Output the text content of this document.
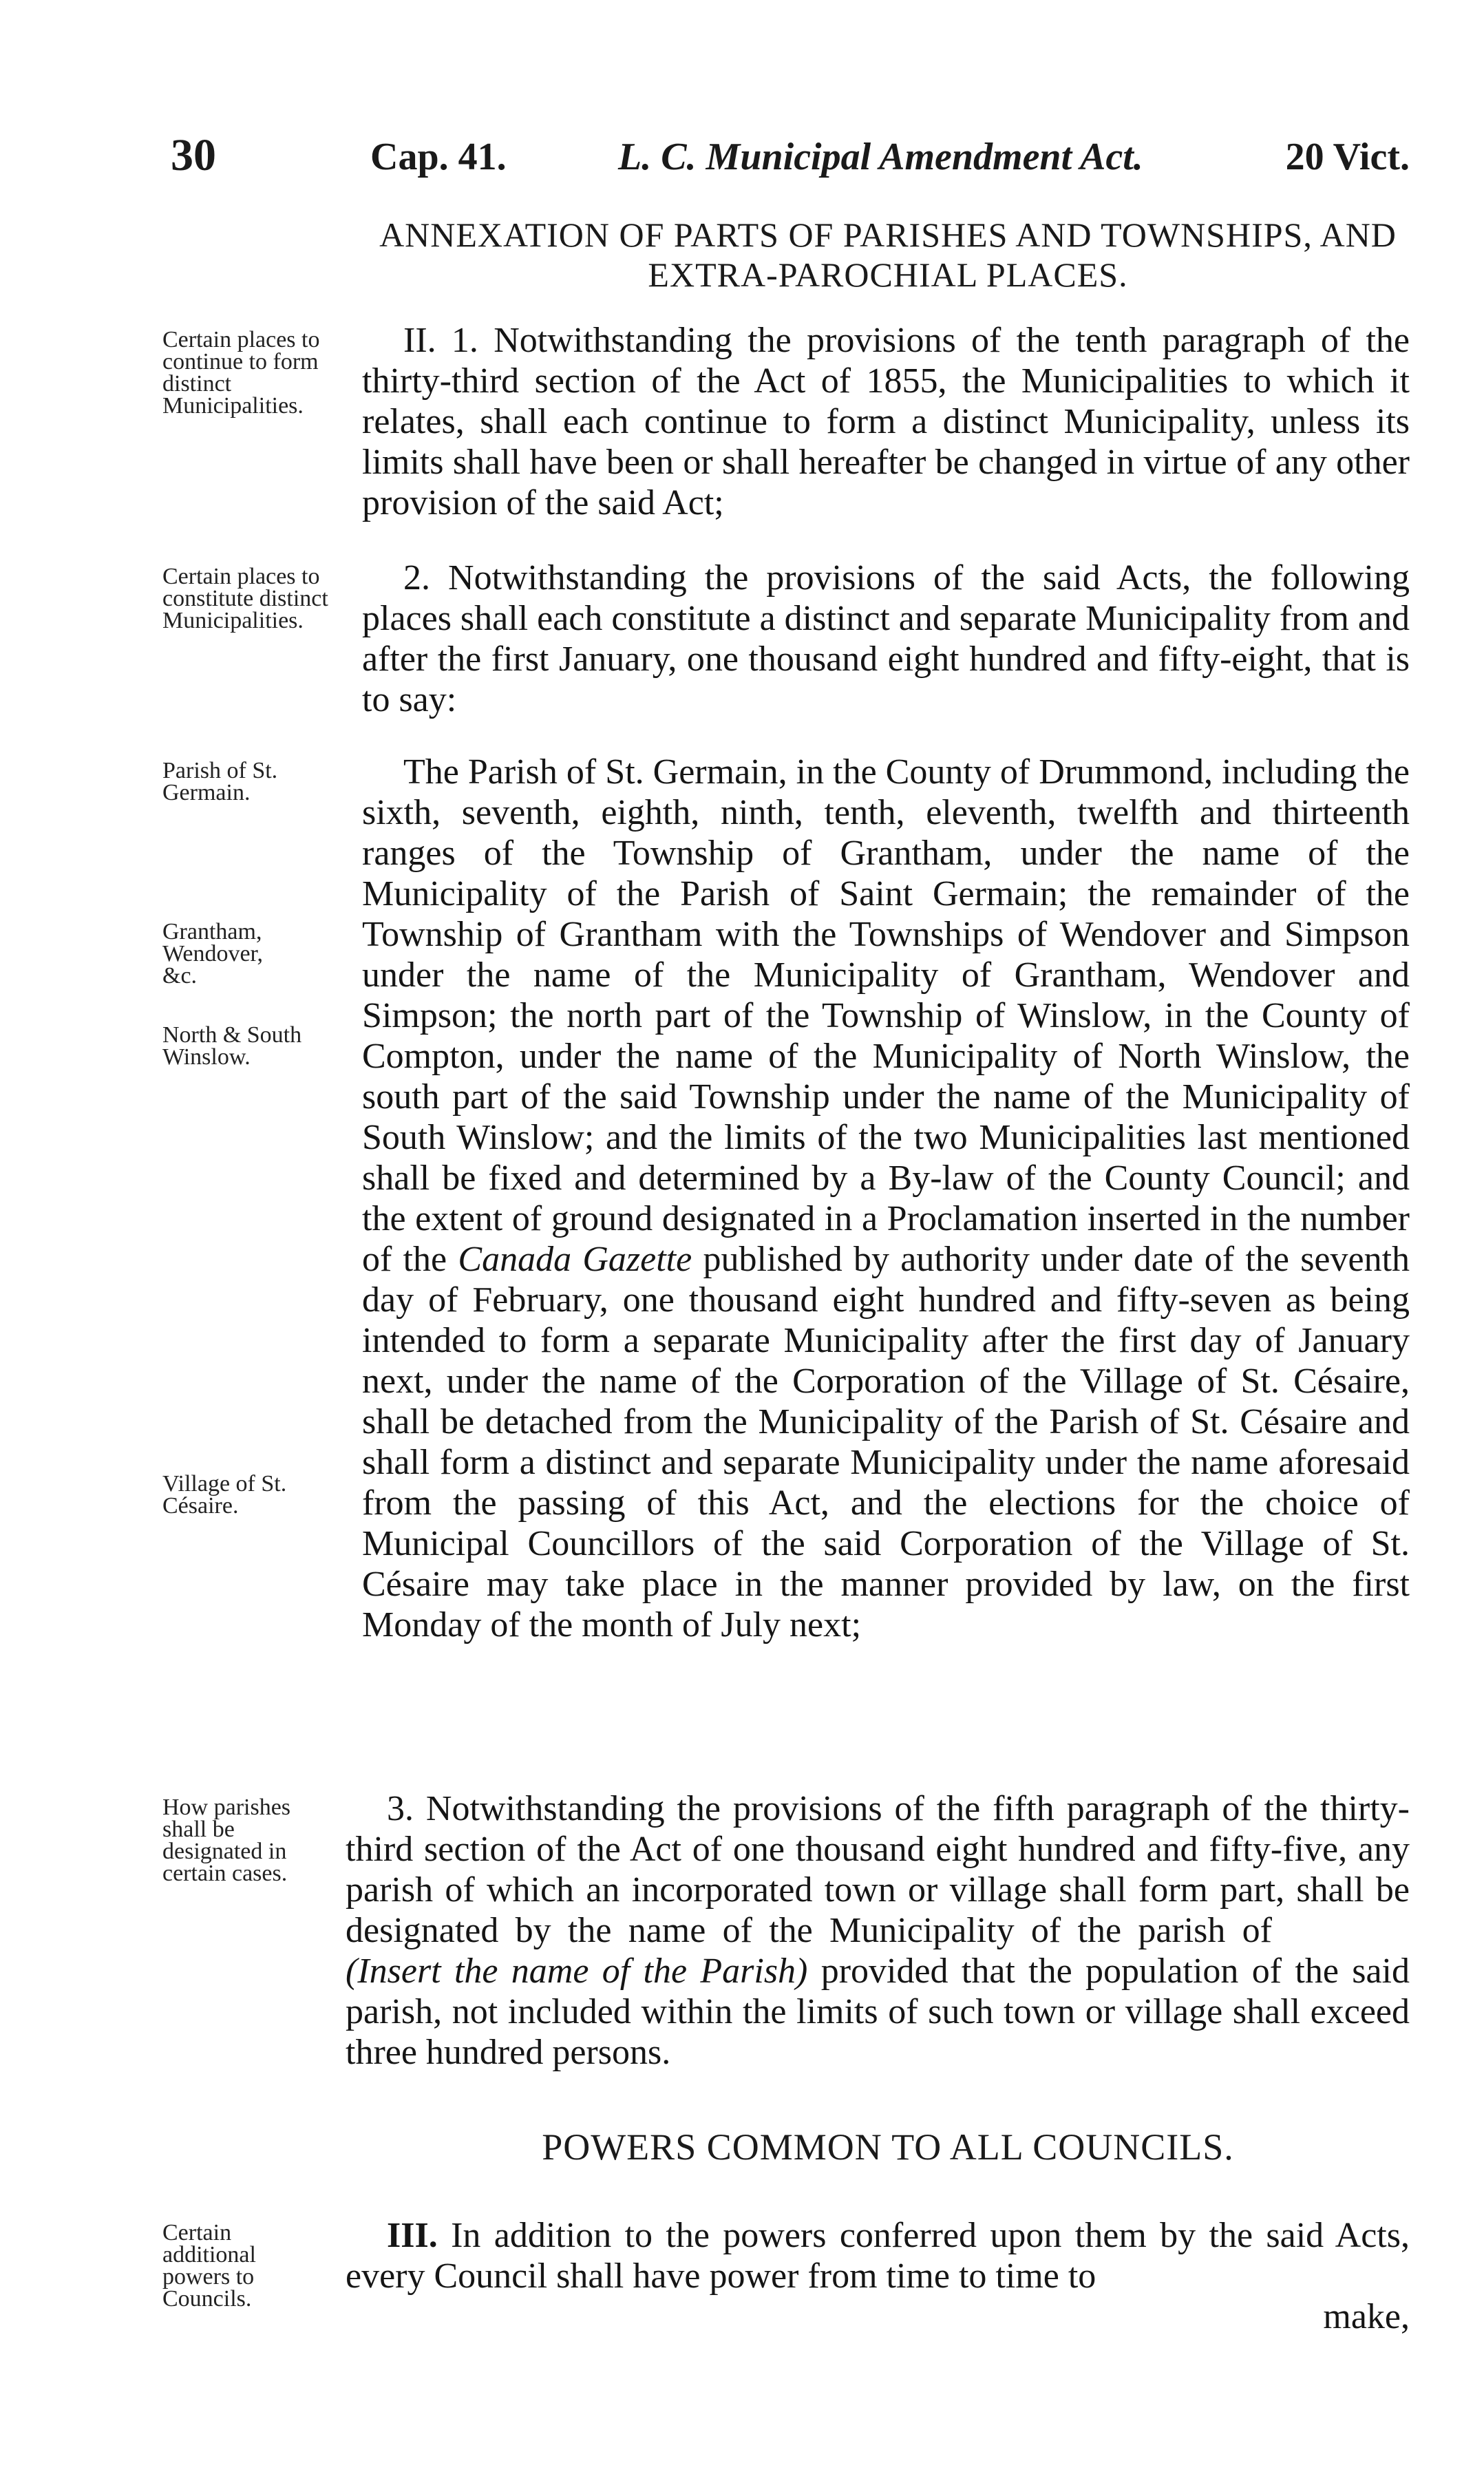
30	Cap. 41.	L. C. Municipal Amendment Act.	20 Vict.
ANNEXATION OF PARTS OF PARISHES AND TOWNSHIPS, AND EXTRA-PAROCHIAL PLACES.
Certain places to continue to form distinct Municipalities.
Certain places to constitute distinct Municipalities.
Parish of St. Germain.
Grantham, Wendover, &c.
North & South Winslow.
Village of St. Césaire.
How parishes shall be designated in certain cases.
Certain additional powers to Councils.

II. 1. Notwithstanding the provisions of the tenth paragraph of the thirty-third section of the Act of 1855, the Municipalities to which it relates, shall each continue to form a distinct Municipality, unless its limits shall have been or shall hereafter be changed in virtue of any other provision of the said Act;

2. Notwithstanding the provisions of the said Acts, the following places shall each constitute a distinct and separate Municipality from and after the first January, one thousand eight hundred and fifty-eight, that is to say:

The Parish of St. Germain, in the County of Drummond, including the sixth, seventh, eighth, ninth, tenth, eleventh, twelfth and thirteenth ranges of the Township of Grantham, under the name of the Municipality of the Parish of Saint Germain; the remainder of the Township of Grantham with the Townships of Wendover and Simpson under the name of the Municipality of Grantham, Wendover and Simpson; the north part of the Township of Winslow, in the County of Compton, under the name of the Municipality of North Winslow, the south part of the said Township under the name of the Municipality of South Winslow; and the limits of the two Municipalities last mentioned shall be fixed and determined by a By-law of the County Council; and the extent of ground designated in a Proclamation inserted in the number of the Canada Gazette published by authority under date of the seventh day of February, one thousand eight hundred and fifty-seven as being intended to form a separate Municipality after the first day of January next, under the name of the Corporation of the Village of St. Césaire, shall be detached from the Municipality of the Parish of St. Césaire and shall form a distinct and separate Municipality under the name aforesaid from the passing of this Act, and the elections for the choice of Municipal Councillors of the said Corporation of the Village of St. Césaire may take place in the manner provided by law, on the first Monday of the month of July next;

3. Notwithstanding the provisions of the fifth paragraph of the thirty-third section of the Act of one thousand eight hundred and fifty-five, any parish of which an incorporated town or village shall form part, shall be designated by the name of the Municipality of the parish of(Insert the name of the Parish) provided that the population of the said parish, not included within the limits of such town or village shall exceed three hundred persons.

POWERS COMMON TO ALL COUNCILS.

III. In addition to the powers conferred upon them by the said Acts, every Council shall have power from time to time to

make,
